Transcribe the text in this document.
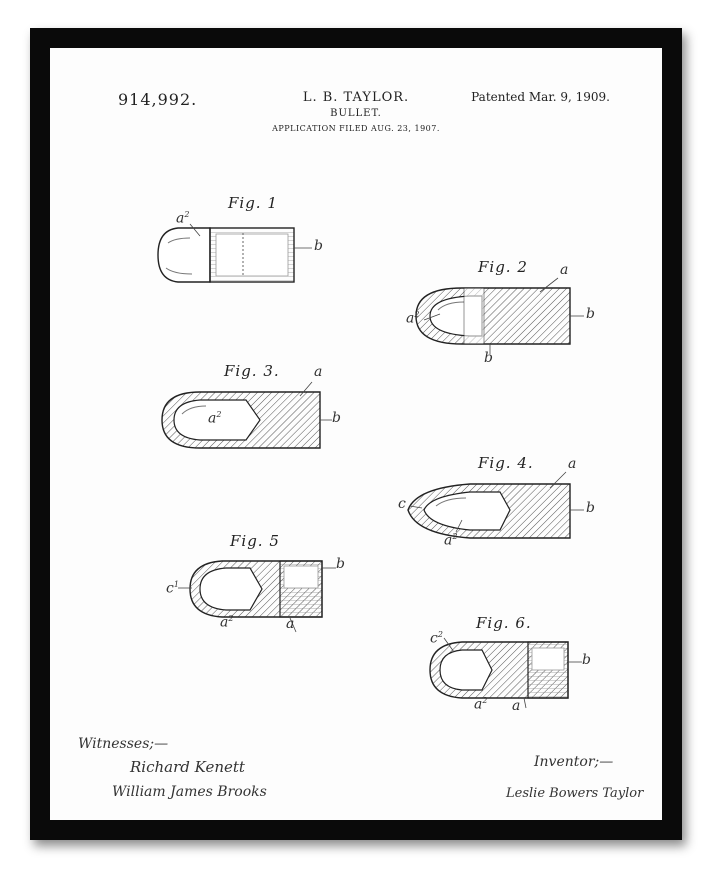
914,992.	L. B. TAYLOR.
BULLET.
APPLICATION FILED AUG. 23, 1907.
Patented Mar. 9, 1909.
Fig. 1
Fig. 2
Fig. 3.
Fig. 4.
Fig. 5
Fig. 6.
$a^2$
b
a
$a^2$	b
b
a
$a^2$	b
a
c	b
$a^2$
$c^1$
b
$a^2$	a
$c^2$
b
$a^2$ a
Witnesses;—
Richard Kenett
William James Brooks
Inventor;—
Leslie Bowers Taylor
